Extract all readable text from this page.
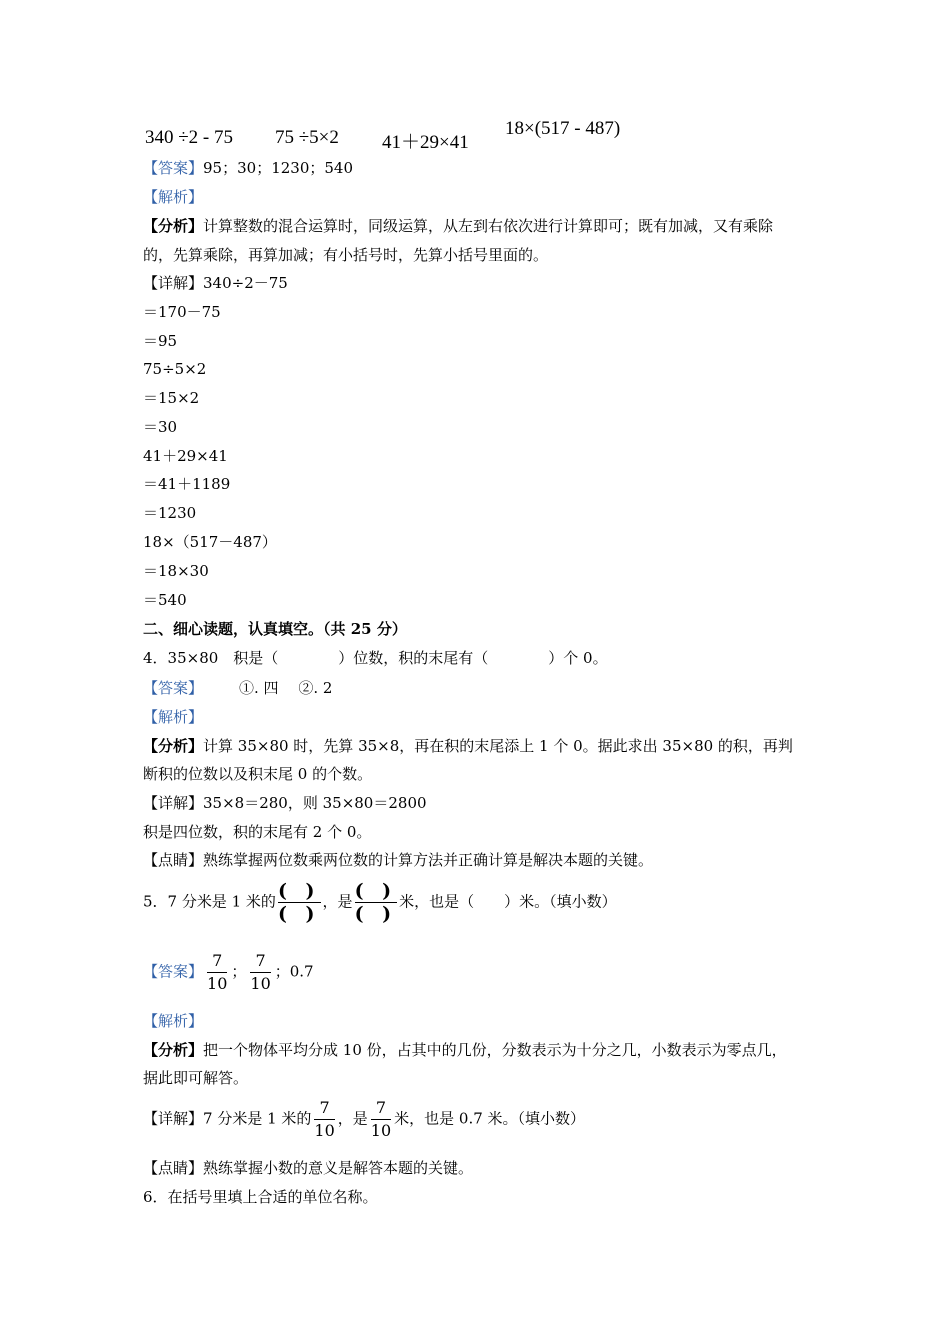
340 ÷2 - 75 75 ÷5×2 41＋29×41
18×(517 - 487)
【答案】95；30；1230；540
【解析】
【分析】计算整数的混合运算时，同级运算，从左到右依次进行计算即可；既有加减，又有乘除
的，先算乘除，再算加减；有小括号时，先算小括号里面的。
【详解】340÷2－75
＝170－75
＝95
75÷5×2
＝15×2
＝30
41＋29×41
＝41＋1189
＝1230
18×（517－487）
＝18×30
＝540
二、细心读题，认真填空。（共 25 分）
4．35×80　积是（　　　　）位数，积的末尾有（　　　　）个 0。
【答案】 ①. 四　 ②. 2
【解析】
【分析】计算 35×80 时，先算 35×8，再在积的末尾添上 1 个 0。据此求出 35×80 的积，再判
断积的位数以及积末尾 0 的个数。
【详解】35×8＝280，则 35×80＝2800
积是四位数，积的末尾有 2 个 0。
【点睛】熟练掌握两位数乘两位数的计算方法并正确计算是解决本题的关键。
5．7 分米是 1 米的 $\frac{( )}{( )}$ ，是 $\frac{( )}{( )}$ 米，也是（　　）米。（填小数）
【答案】 $\frac{7}{10}$ ； $\frac{7}{10}$ ；0.7
【解析】
【分析】把一个物体平均分成 10 份，占其中的几份，分数表示为十分之几，小数表示为零点几，
据此即可解答。
【详解】7 分米是 1 米的 $\frac{7}{10}$ ，是 $\frac{7}{10}$ 米，也是 0.7 米。（填小数）
【点睛】熟练掌握小数的意义是解答本题的关键。
6．在括号里填上合适的单位名称。
